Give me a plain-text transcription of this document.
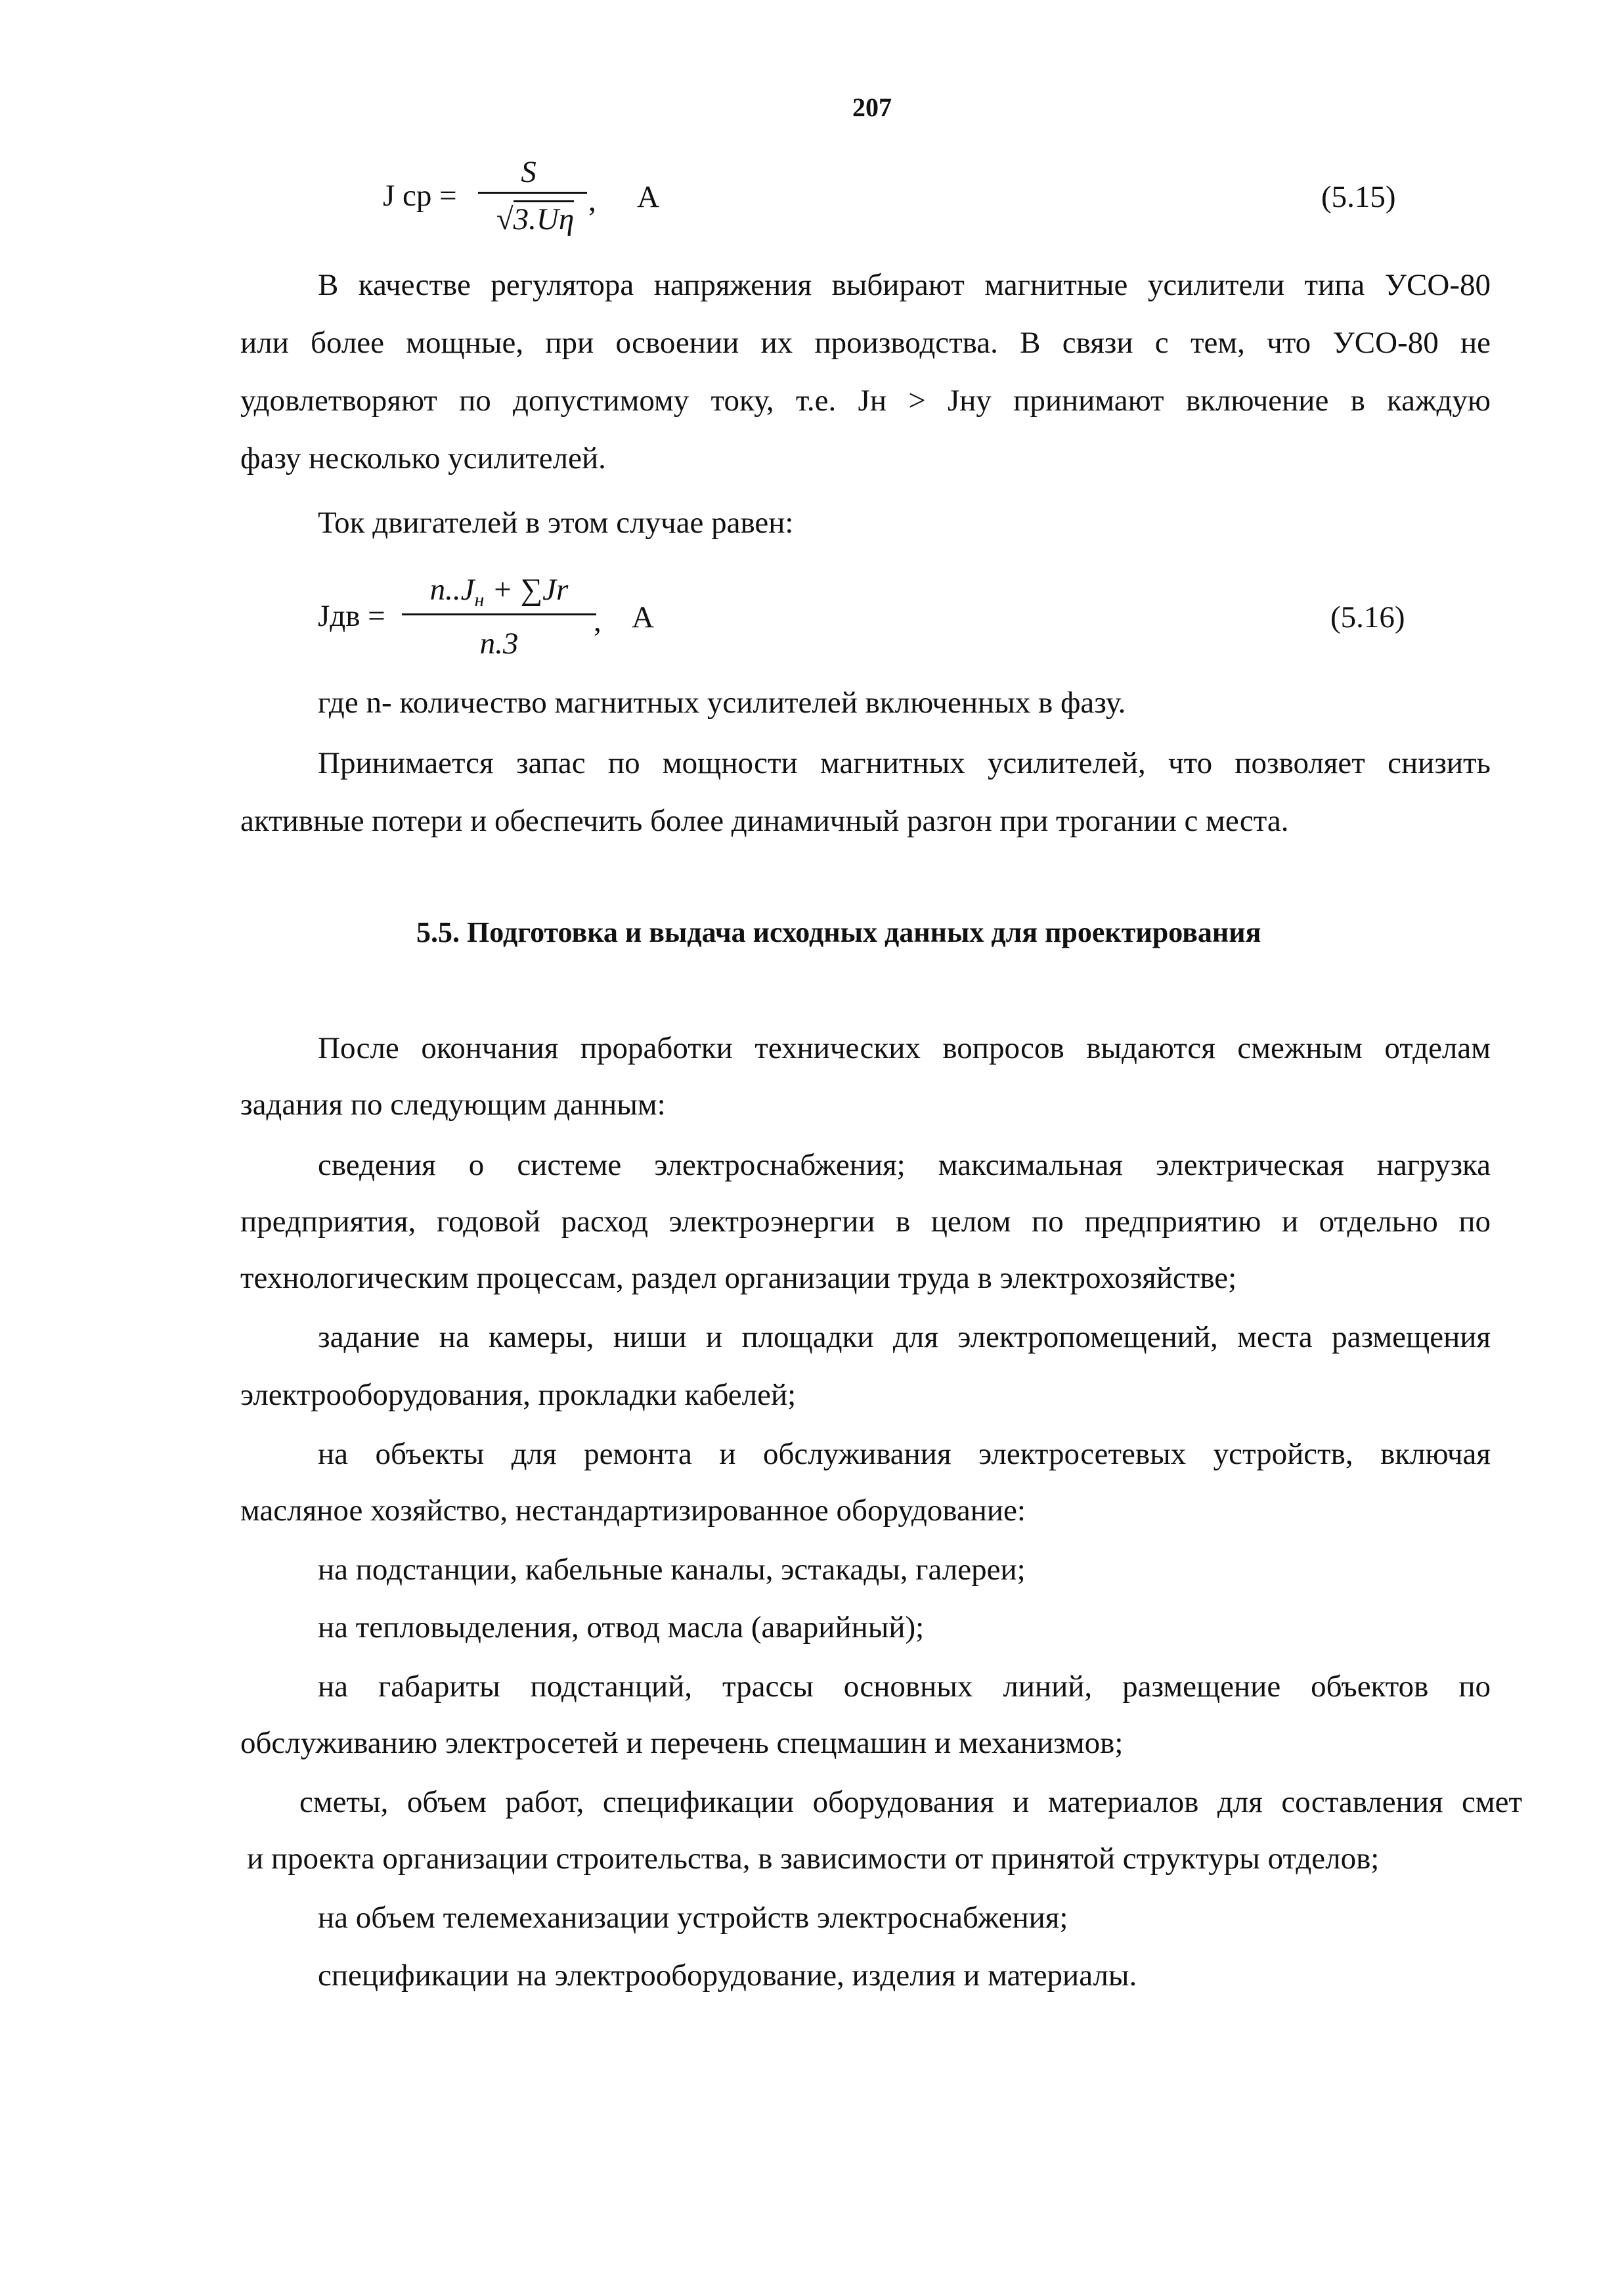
207
J ср =
S
√3.Uη
, А	(5.15)
В качестве регулятора напряжения выбирают магнитные усилители типа УСО-80
или более мощные, при освоении их производства. В связи с тем, что УСО-80 не
удовлетворяют по допустимому току, т.е. Jн > Jну принимают включение в каждую
фазу несколько усилителей.
Ток двигателей в этом случае равен:
Jдв =
$n..J_н + \sum Jr$
n.3
, А	(5.16)
где n- количество магнитных усилителей включенных в фазу.
Принимается запас по мощности магнитных усилителей, что позволяет снизить
активные потери и обеспечить более динамичный разгон при трогании с места.
5.5. Подготовка и выдача исходных данных для проектирования
После окончания проработки технических вопросов выдаются смежным отделам
задания по следующим данным:
сведения о системе электроснабжения; максимальная электрическая нагрузка
предприятия, годовой расход электроэнергии в целом по предприятию и отдельно по
технологическим процессам, раздел организации труда в электрохозяйстве;
задание на камеры, ниши и площадки для электропомещений, места размещения
электрооборудования, прокладки кабелей;
на объекты для ремонта и обслуживания электросетевых устройств, включая
масляное хозяйство, нестандартизированное оборудование:
на подстанции, кабельные каналы, эстакады, галереи;
на тепловыделения, отвод масла (аварийный);
на габариты подстанций, трассы основных линий, размещение объектов по
обслуживанию электросетей и перечень спецмашин и механизмов;
сметы, объем работ, спецификации оборудования и материалов для составления смет
и проекта организации строительства, в зависимости от принятой структуры отделов;
на объем телемеханизации устройств электроснабжения;
спецификации на электрооборудование, изделия и материалы.
